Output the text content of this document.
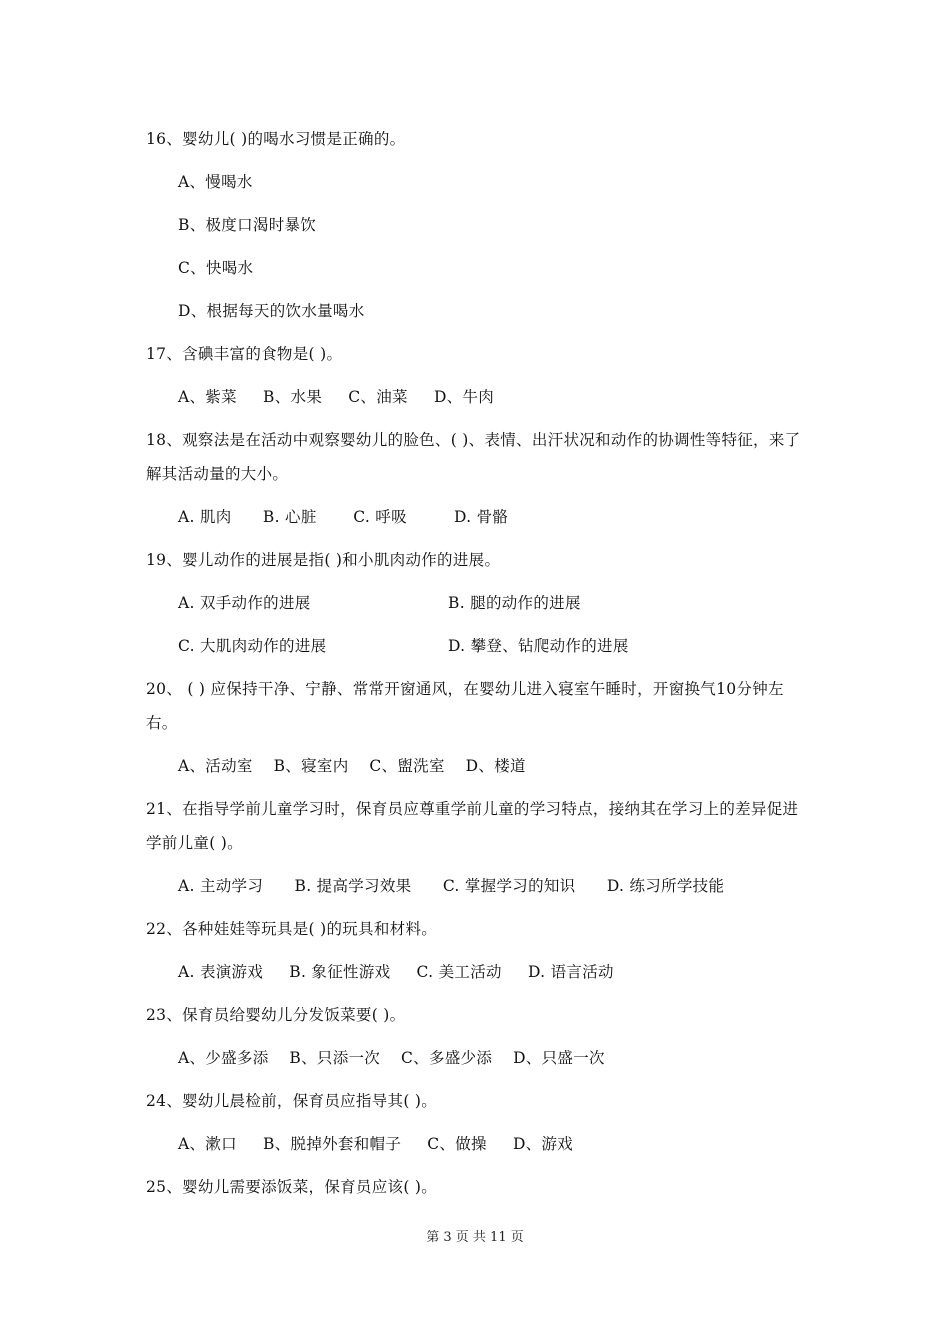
16、婴幼儿( )的喝水习惯是正确的。

A、慢喝水
B、极度口渴时暴饮
C、快喝水
D、根据每天的饮水量喝水

17、含碘丰富的食物是( )。

A、紫菜     B、水果     C、油菜     D、牛肉

18、观察法是在活动中观察婴幼儿的脸色、( )、表情、出汗状况和动作的协调性等特征，来了解其活动量的大小。

A. 肌肉      B. 心脏       C. 呼吸         D. 骨骼

19、婴儿动作的进展是指( )和小肌肉动作的进展。

A. 双手动作的进展	B. 腿的动作的进展
C. 大肌肉动作的进展	D. 攀登、钻爬动作的进展

20、 ( ) 应保持干净、宁静、常常开窗通风，在婴幼儿进入寝室午睡时，开窗换气10分钟左右。

A、活动室    B、寝室内    C、盥洗室    D、楼道

21、在指导学前儿童学习时，保育员应尊重学前儿童的学习特点，接纳其在学习上的差异促进学前儿童( )。

A. 主动学习      B. 提高学习效果      C. 掌握学习的知识      D. 练习所学技能

22、各种娃娃等玩具是( )的玩具和材料。

A. 表演游戏     B. 象征性游戏     C. 美工活动     D. 语言活动

23、保育员给婴幼儿分发饭菜要( )。

A、少盛多添    B、只添一次    C、多盛少添    D、只盛一次

24、婴幼儿晨检前，保育员应指导其( )。

A、漱口     B、脱掉外套和帽子     C、做操     D、游戏

25、婴幼儿需要添饭菜，保育员应该( )。

第 3 页 共 11 页
